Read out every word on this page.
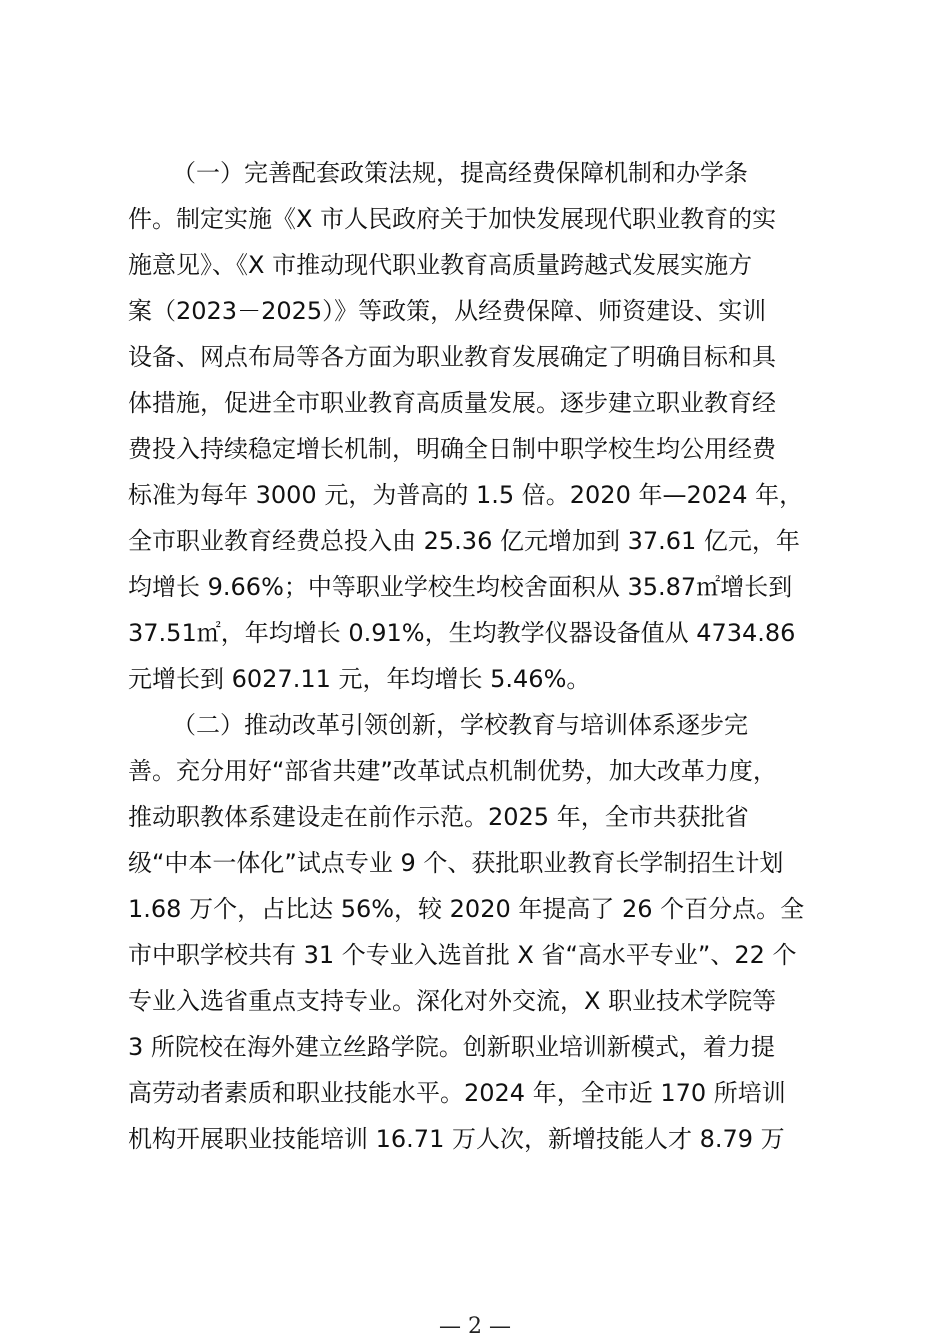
（一）完善配套政策法规，提高经费保障机制和办学条
件。制定实施《X 市人民政府关于加快发展现代职业教育的实
施意见》、《X 市推动现代职业教育高质量跨越式发展实施方
案（2023－2025）》等政策，从经费保障、师资建设、实训
设备、网点布局等各方面为职业教育发展确定了明确目标和具
体措施，促进全市职业教育高质量发展。逐步建立职业教育经
费投入持续稳定增长机制，明确全日制中职学校生均公用经费
标准为每年 3000 元，为普高的 1.5 倍。2020 年—2024 年，
全市职业教育经费总投入由 25.36 亿元增加到 37.61 亿元，年
均增长 9.66%；中等职业学校生均校舍面积从 35.87㎡增长到
37.51㎡，年均增长 0.91%，生均教学仪器设备值从 4734.86
元增长到 6027.11 元，年均增长 5.46%。
（二）推动改革引领创新，学校教育与培训体系逐步完
善。充分用好“部省共建”改革试点机制优势，加大改革力度，
推动职教体系建设走在前作示范。2025 年，全市共获批省
级“中本一体化”试点专业 9 个、获批职业教育长学制招生计划
1.68 万个，占比达 56%，较 2020 年提高了 26 个百分点。全
市中职学校共有 31 个专业入选首批 X 省“高水平专业”、22 个
专业入选省重点支持专业。深化对外交流，X 职业技术学院等
3 所院校在海外建立丝路学院。创新职业培训新模式，着力提
高劳动者素质和职业技能水平。2024 年，全市近 170 所培训
机构开展职业技能培训 16.71 万人次，新增技能人才 8.79 万
— 2 —
